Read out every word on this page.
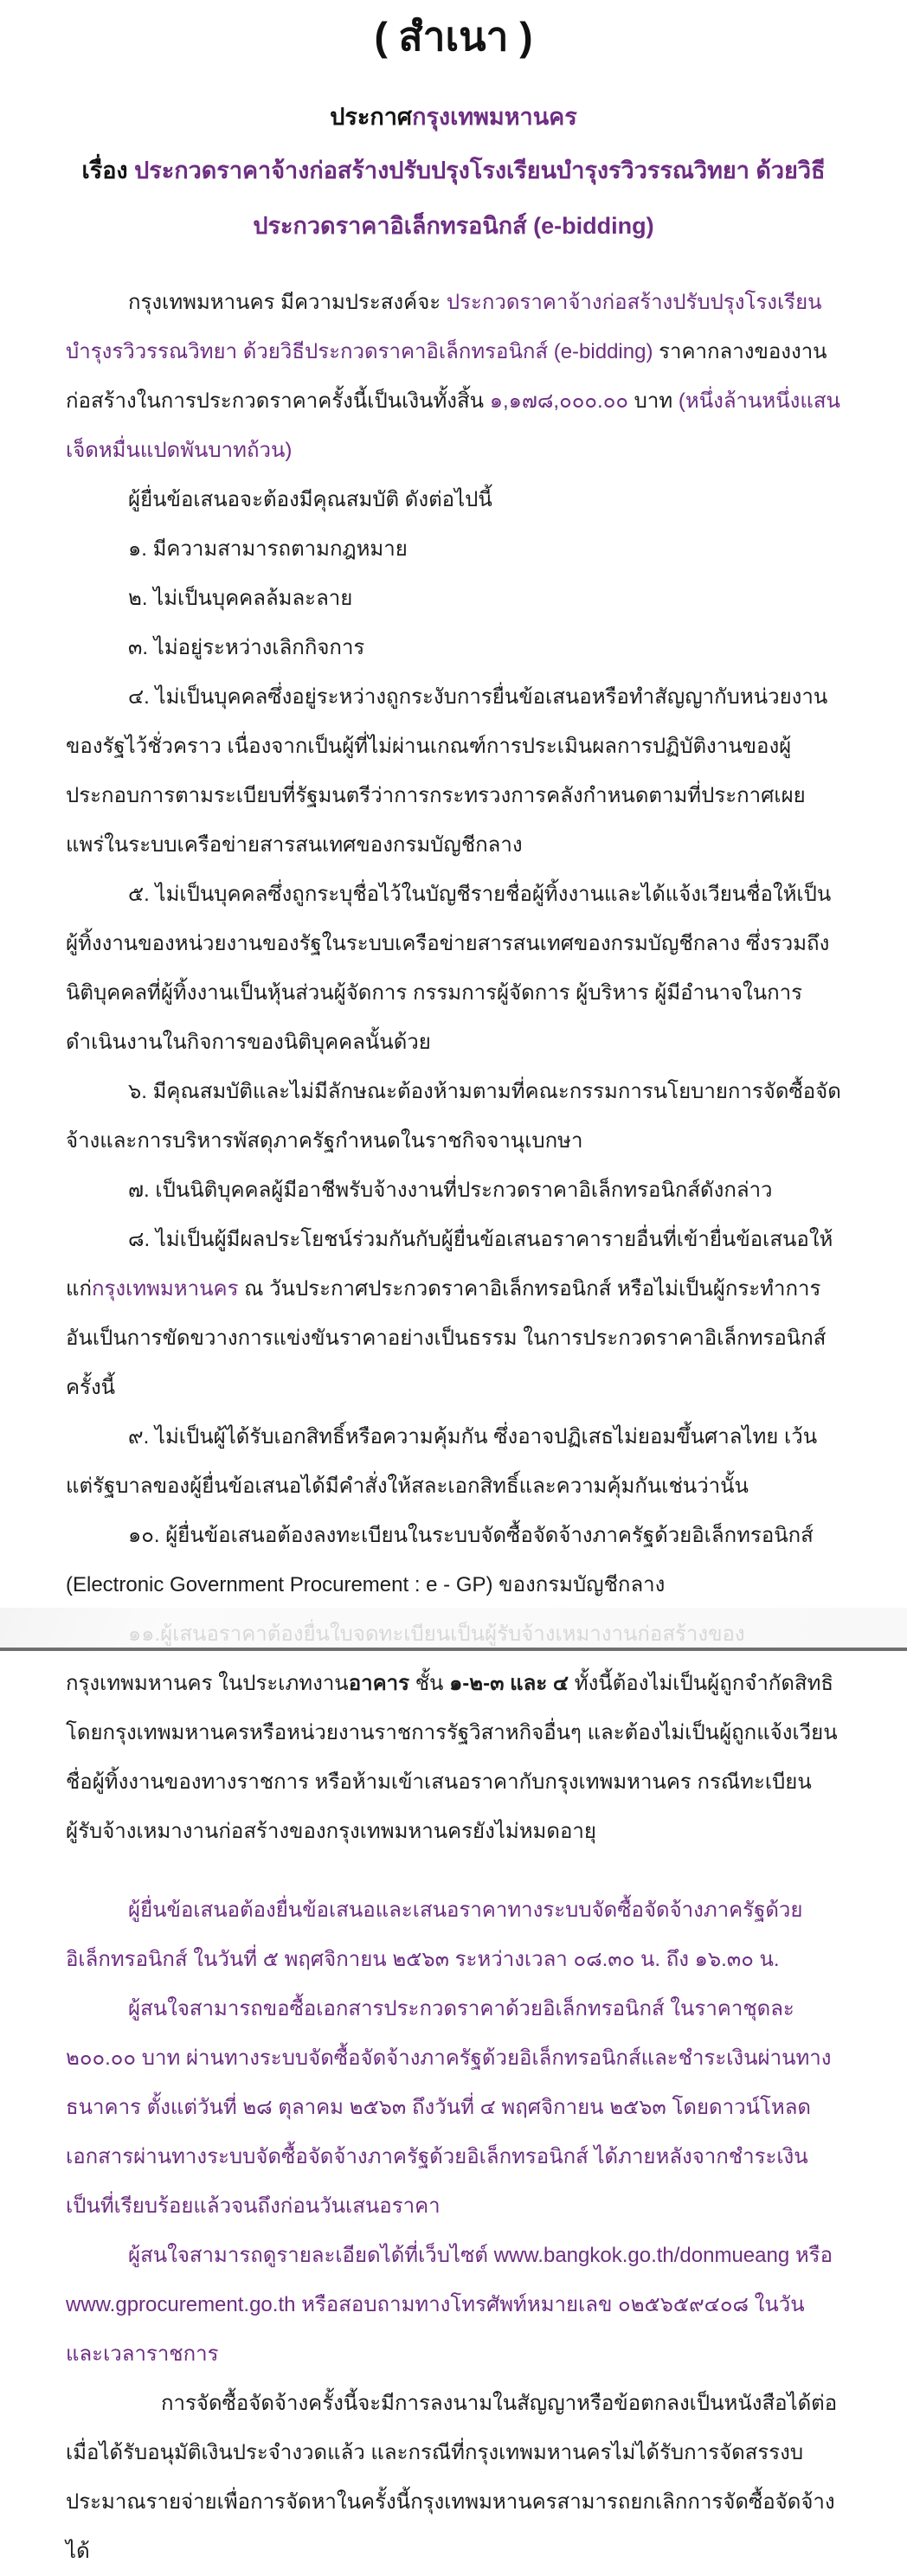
( สำเนา )
ประกาศกรุงเทพมหานคร
เรื่อง ประกวดราคาจ้างก่อสร้างปรับปรุงโรงเรียนบำรุงรวิวรรณวิทยา ด้วยวิธีประกวดราคาอิเล็กทรอนิกส์ (e-bidding)

กรุงเทพมหานคร มีความประสงค์จะ ประกวดราคาจ้างก่อสร้างปรับปรุงโรงเรียนบำรุงรวิวรรณวิทยา ด้วยวิธีประกวดราคาอิเล็กทรอนิกส์ (e-bidding) ราคากลางของงานก่อสร้างในการประกวดราคาครั้งนี้เป็นเงินทั้งสิ้น ๑,๑๗๘,๐๐๐.๐๐ บาท (หนึ่งล้านหนึ่งแสนเจ็ดหมื่นแปดพันบาทถ้วน)

ผู้ยื่นข้อเสนอจะต้องมีคุณสมบัติ ดังต่อไปนี้

๑. มีความสามารถตามกฎหมาย

๒. ไม่เป็นบุคคลล้มละลาย

๓. ไม่อยู่ระหว่างเลิกกิจการ

๔. ไม่เป็นบุคคลซึ่งอยู่ระหว่างถูกระงับการยื่นข้อเสนอหรือทำสัญญากับหน่วยงานของรัฐไว้ชั่วคราว เนื่องจากเป็นผู้ที่ไม่ผ่านเกณฑ์การประเมินผลการปฏิบัติงานของผู้ประกอบการตามระเบียบที่รัฐมนตรีว่าการกระทรวงการคลังกำหนดตามที่ประกาศเผยแพร่ในระบบเครือข่ายสารสนเทศของกรมบัญชีกลาง

๕. ไม่เป็นบุคคลซึ่งถูกระบุชื่อไว้ในบัญชีรายชื่อผู้ทิ้งงานและได้แจ้งเวียนชื่อให้เป็นผู้ทิ้งงานของหน่วยงานของรัฐในระบบเครือข่ายสารสนเทศของกรมบัญชีกลาง ซึ่งรวมถึงนิติบุคคลที่ผู้ทิ้งงานเป็นหุ้นส่วนผู้จัดการ กรรมการผู้จัดการ ผู้บริหาร ผู้มีอำนาจในการดำเนินงานในกิจการของนิติบุคคลนั้นด้วย

๖. มีคุณสมบัติและไม่มีลักษณะต้องห้ามตามที่คณะกรรมการนโยบายการจัดซื้อจัดจ้างและการบริหารพัสดุภาครัฐกำหนดในราชกิจจานุเบกษา

๗. เป็นนิติบุคคลผู้มีอาชีพรับจ้างงานที่ประกวดราคาอิเล็กทรอนิกส์ดังกล่าว

๘. ไม่เป็นผู้มีผลประโยชน์ร่วมกันกับผู้ยื่นข้อเสนอราคารายอื่นที่เข้ายื่นข้อเสนอให้แก่กรุงเทพมหานคร ณ วันประกาศประกวดราคาอิเล็กทรอนิกส์ หรือไม่เป็นผู้กระทำการอันเป็นการขัดขวางการแข่งขันราคาอย่างเป็นธรรม ในการประกวดราคาอิเล็กทรอนิกส์ครั้งนี้

๙. ไม่เป็นผู้ได้รับเอกสิทธิ์หรือความคุ้มกัน ซึ่งอาจปฏิเสธไม่ยอมขึ้นศาลไทย เว้นแต่รัฐบาลของผู้ยื่นข้อเสนอได้มีคำสั่งให้สละเอกสิทธิ์และความคุ้มกันเช่นว่านั้น

๑๐. ผู้ยื่นข้อเสนอต้องลงทะเบียนในระบบจัดซื้อจัดจ้างภาครัฐด้วยอิเล็กทรอนิกส์ (Electronic Government Procurement : e - GP) ของกรมบัญชีกลาง

กรุงเทพมหานคร ในประเภทงานอาคาร ชั้น ๑-๒-๓ และ ๔ ทั้งนี้ต้องไม่เป็นผู้ถูกจำกัดสิทธิโดยกรุงเทพมหานครหรือหน่วยงานราชการรัฐวิสาหกิจอื่นๆ และต้องไม่เป็นผู้ถูกแจ้งเวียนชื่อผู้ทิ้งงานของทางราชการ หรือห้ามเข้าเสนอราคากับกรุงเทพมหานคร กรณีทะเบียนผู้รับจ้างเหมางานก่อสร้างของกรุงเทพมหานครยังไม่หมดอายุ

ผู้ยื่นข้อเสนอต้องยื่นข้อเสนอและเสนอราคาทางระบบจัดซื้อจัดจ้างภาครัฐด้วยอิเล็กทรอนิกส์ ในวันที่ ๕ พฤศจิกายน ๒๕๖๓ ระหว่างเวลา ๐๘.๓๐ น. ถึง ๑๖.๓๐ น.

ผู้สนใจสามารถขอซื้อเอกสารประกวดราคาด้วยอิเล็กทรอนิกส์ ในราคาชุดละ ๒๐๐.๐๐ บาท ผ่านทางระบบจัดซื้อจัดจ้างภาครัฐด้วยอิเล็กทรอนิกส์และชำระเงินผ่านทางธนาคาร ตั้งแต่วันที่ ๒๘ ตุลาคม ๒๕๖๓ ถึงวันที่ ๔ พฤศจิกายน ๒๕๖๓ โดยดาวน์โหลดเอกสารผ่านทางระบบจัดซื้อจัดจ้างภาครัฐด้วยอิเล็กทรอนิกส์ ได้ภายหลังจากชำระเงินเป็นที่เรียบร้อยแล้วจนถึงก่อนวันเสนอราคา

ผู้สนใจสามารถดูรายละเอียดได้ที่เว็บไซต์ www.bangkok.go.th/donmueang หรือ www.gprocurement.go.th หรือสอบถามทางโทรศัพท์หมายเลข ๐๒๕๖๕๙๔๐๘ ในวันและเวลาราชการ

การจัดซื้อจัดจ้างครั้งนี้จะมีการลงนามในสัญญาหรือข้อตกลงเป็นหนังสือได้ต่อเมื่อได้รับอนุมัติเงินประจำงวดแล้ว และกรณีที่กรุงเทพมหานครไม่ได้รับการจัดสรรงบประมาณรายจ่ายเพื่อการจัดหาในครั้งนี้กรุงเทพมหานครสามารถยกเลิกการจัดซื้อจัดจ้างได้
